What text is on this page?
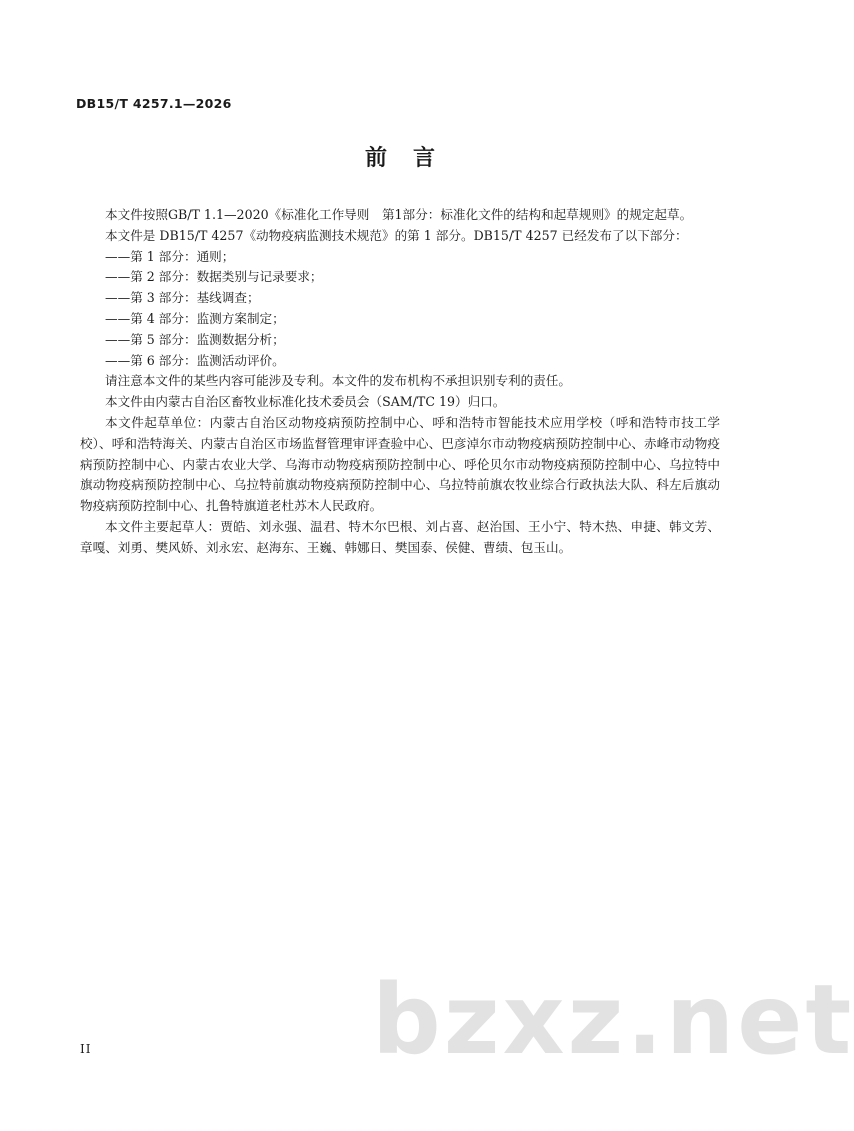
DB15/T 4257.1—2026
前言

本文件按照GB/T 1.1—2020《标准化工作导则　第1部分：标准化文件的结构和起草规则》的规定起草。

本文件是 DB15/T 4257《动物疫病监测技术规范》的第 1 部分。DB15/T 4257 已经发布了以下部分：

——第 1 部分：通则；

——第 2 部分：数据类别与记录要求；

——第 3 部分：基线调查；

——第 4 部分：监测方案制定；

——第 5 部分：监测数据分析；

——第 6 部分：监测活动评价。

请注意本文件的某些内容可能涉及专利。本文件的发布机构不承担识别专利的责任。

本文件由内蒙古自治区畜牧业标准化技术委员会（SAM/TC 19）归口。

本文件起草单位：内蒙古自治区动物疫病预防控制中心、呼和浩特市智能技术应用学校（呼和浩特市技工学校）、呼和浩特海关、内蒙古自治区市场监督管理审评查验中心、巴彦淖尔市动物疫病预防控制中心、赤峰市动物疫病预防控制中心、内蒙古农业大学、乌海市动物疫病预防控制中心、呼伦贝尔市动物疫病预防控制中心、乌拉特中旗动物疫病预防控制中心、乌拉特前旗动物疫病预防控制中心、乌拉特前旗农牧业综合行政执法大队、科左后旗动物疫病预防控制中心、扎鲁特旗道老杜苏木人民政府。

本文件主要起草人：贾皓、刘永强、温君、特木尔巴根、刘占喜、赵治国、王小宁、特木热、申捷、韩文芳、章嘎、刘勇、樊风娇、刘永宏、赵海东、王巍、韩娜日、樊国泰、侯健、曹绩、包玉山。

bzxz.net
II
